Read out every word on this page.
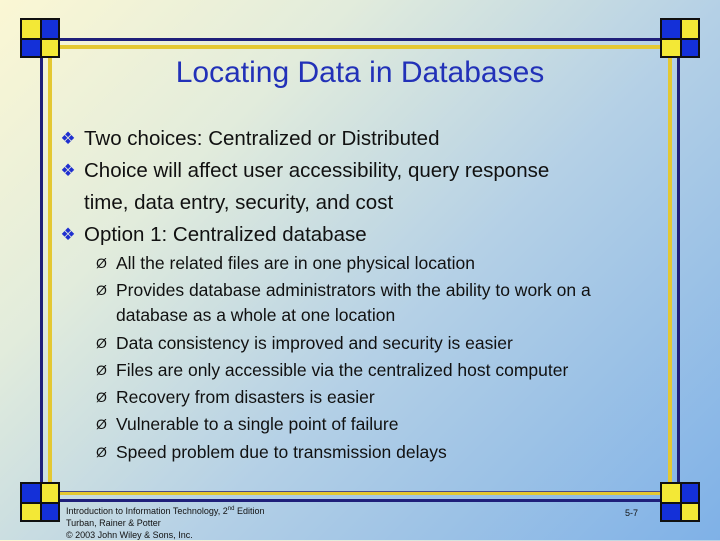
Locating Data in Databases
❖ Two choices: Centralized or Distributed
❖ Choice will affect user accessibility, query response
time, data entry, security, and cost
❖ Option 1: Centralized database
Ø All the related files are in one physical location
Ø Provides database administrators with the ability to work on a
database as a whole at one location
Ø Data consistency is improved and security is easier
Ø Files are only accessible via the centralized host computer
Ø Recovery from disasters is easier
Ø Vulnerable to a single point of failure
Ø Speed problem due to transmission delays
Introduction to Information Technology, 2nd Edition
Turban, Rainer & Potter
© 2003 John Wiley & Sons, Inc.
5-7
